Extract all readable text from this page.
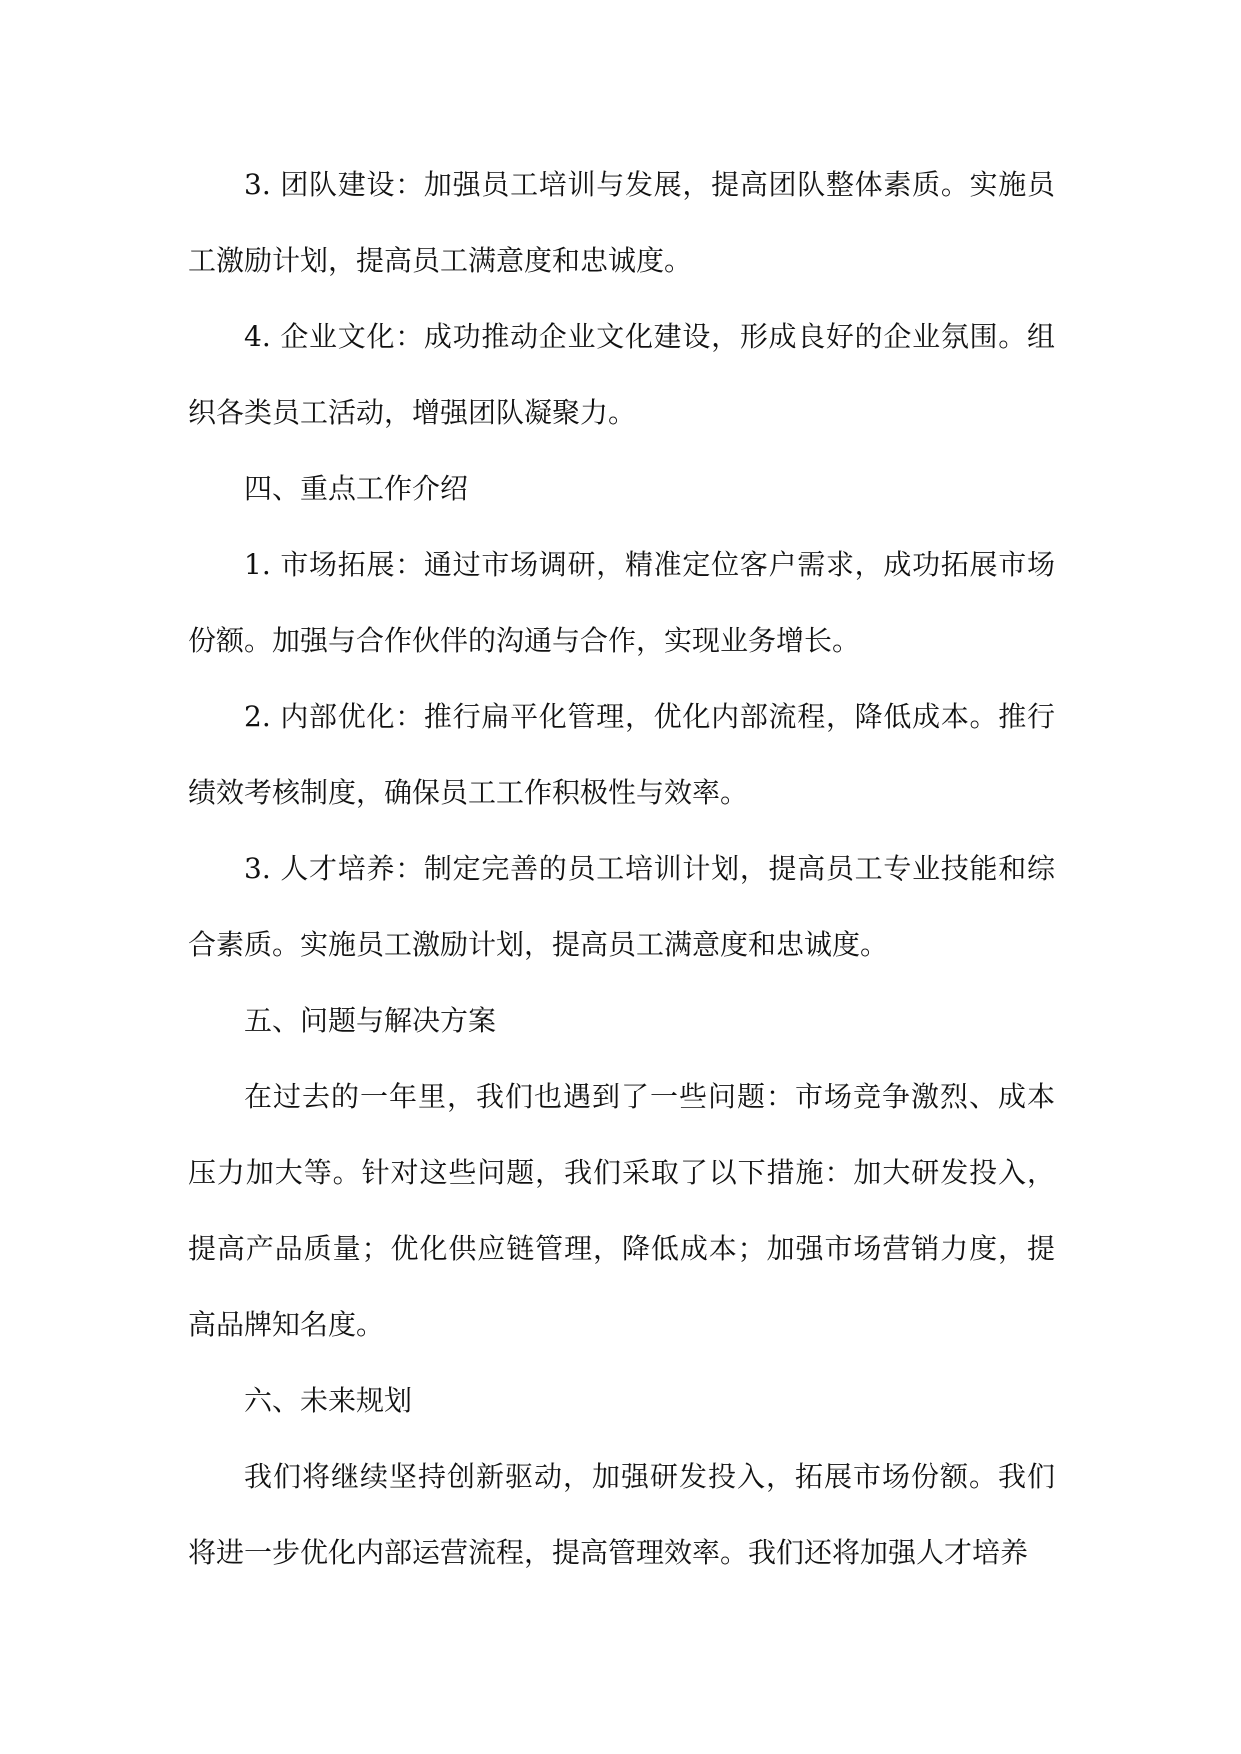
3. 团队建设：加强员工培训与发展，提高团队整体素质。实施员工激励计划，提高员工满意度和忠诚度。

4. 企业文化：成功推动企业文化建设，形成良好的企业氛围。组织各类员工活动，增强团队凝聚力。

四、重点工作介绍

1. 市场拓展：通过市场调研，精准定位客户需求，成功拓展市场份额。加强与合作伙伴的沟通与合作，实现业务增长。

2. 内部优化：推行扁平化管理，优化内部流程，降低成本。推行绩效考核制度，确保员工工作积极性与效率。

3. 人才培养：制定完善的员工培训计划，提高员工专业技能和综合素质。实施员工激励计划，提高员工满意度和忠诚度。

五、问题与解决方案

在过去的一年里，我们也遇到了一些问题：市场竞争激烈、成本压力加大等。针对这些问题，我们采取了以下措施：加大研发投入，提高产品质量；优化供应链管理，降低成本；加强市场营销力度，提高品牌知名度。

六、未来规划

我们将继续坚持创新驱动，加强研发投入，拓展市场份额。我们将进一步优化内部运营流程，提高管理效率。我们还将加强人才培养
